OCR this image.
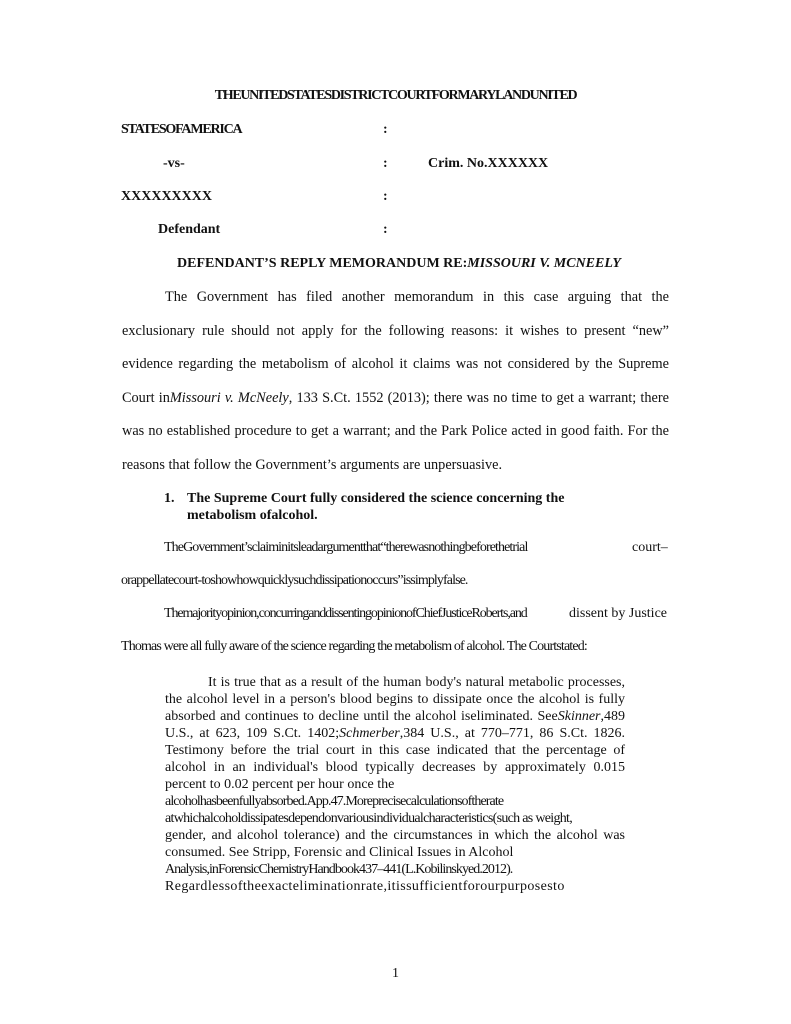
THEUNITEDSTATESDISTRICTCOURTFORMARYLANDUNITED
STATESOFAMERICA	:
-vs-	:	Crim. No.XXXXXX
XXXXXXXXX	:
Defendant	:
DEFENDANT’S REPLY MEMORANDUM RE:MISSOURI V. MCNEELY

The Government has filed another memorandum in this case arguing that the exclusionary rule should not apply for the following reasons: it wishes to present “new” evidence regarding the metabolism of alcohol it claims was not considered by the Supreme Court inMissouri v. McNeely, 133 S.Ct. 1552 (2013); there was no time to get a warrant; there was no established procedure to get a warrant; and the Park Police acted in good faith. For the reasons that follow the Government’s arguments are unpersuasive.

1. The Supreme Court fully considered the science concerning the metabolism ofalcohol.
TheGovernment’sclaiminitsleadargumentthat“therewasnothingbeforethetrial	court–
orappellatecourt-toshowhowquicklysuchdissipationoccurs”issimplyfalse.
Themajorityopinion,concurringanddissentingopinionofChiefJusticeRoberts,and	dissent by Justice
Thomas were all fully aware of the science regarding the metabolism of alcohol. The Courtstated:
It is true that as a result of the human body's natural metabolic processes, the alcohol level in a person's blood begins to dissipate once the alcohol is fully absorbed and continues to decline until the alcohol iseliminated. SeeSkinner,489 U.S., at 623, 109 S.Ct. 1402;Schmerber,384 U.S., at 770–771, 86 S.Ct. 1826. Testimony before the trial court in this case indicated that the percentage of alcohol in an individual's blood typically decreases by approximately 0.015 percent to 0.02 percent per hour once the
alcoholhasbeenfullyabsorbed.App.47.Moreprecisecalculationsoftherate
atwhichalcoholdissipatesdependonvariousindividualcharacteristics(such as weight,
gender, and alcohol tolerance) and the circumstances in which the alcohol was consumed. See Stripp, Forensic and Clinical Issues in Alcohol
Analysis,inForensicChemistryHandbook437–441(L.Kobilinskyed.2012).
Regardlessoftheexacteliminationrate,itissufficientforourpurposesto
1
